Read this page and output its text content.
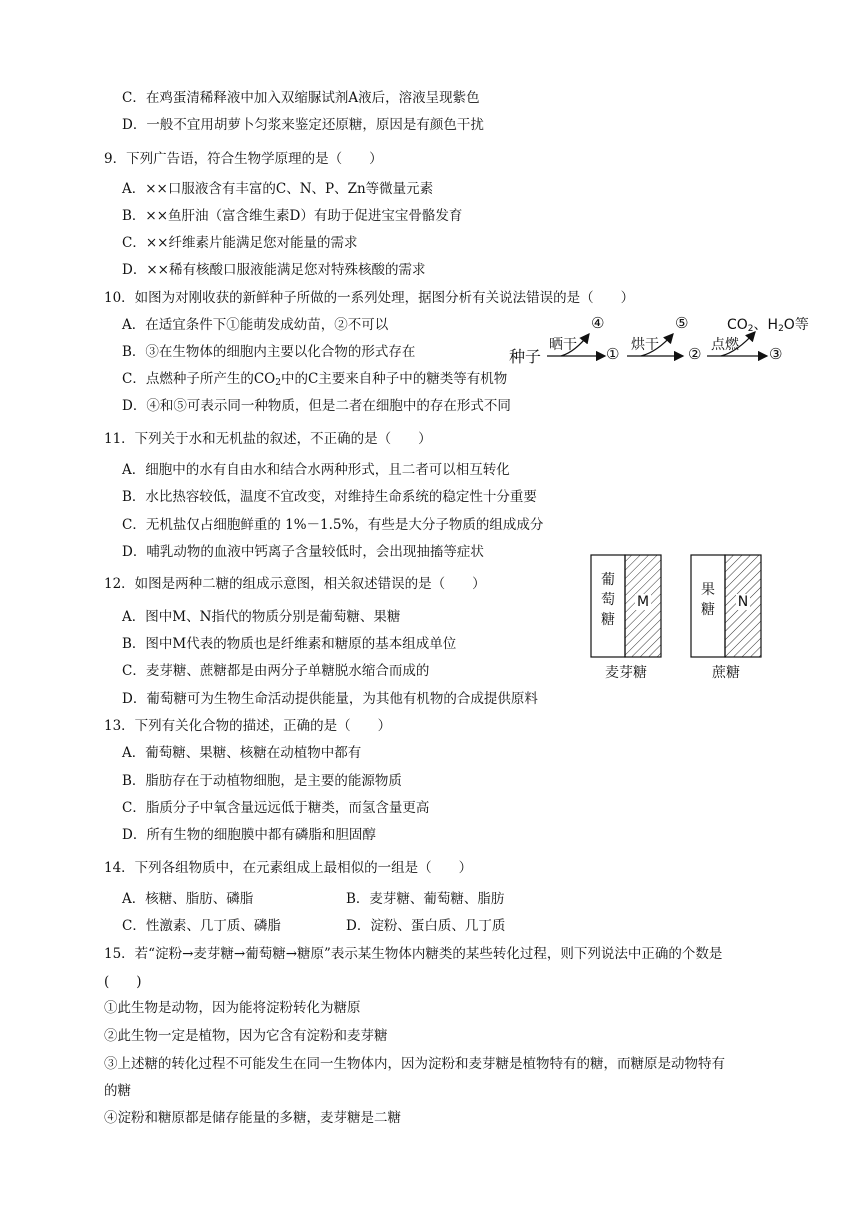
C．在鸡蛋清稀释液中加入双缩脲试剂A液后，溶液呈现紫色
D．一般不宜用胡萝卜匀浆来鉴定还原糖，原因是有颜色干扰
9．下列广告语，符合生物学原理的是（　　）
A．××口服液含有丰富的C、N、P、Zn等微量元素
B．××鱼肝油（富含维生素D）有助于促进宝宝骨骼发育
C．××纤维素片能满足您对能量的需求
D．××稀有核酸口服液能满足您对特殊核酸的需求
10．如图为对刚收获的新鲜种子所做的一系列处理，据图分析有关说法错误的是（　　）
A．在适宜条件下①能萌发成幼苗，②不可以
B．③在生物体的细胞内主要以化合物的形式存在
C．点燃种子所产生的$CO_2$中的C主要来自种子中的糖类等有机物
D．④和⑤可表示同一种物质，但是二者在细胞中的存在形式不同
种子
晒干
④
① 烘干
⑤
② 点燃
$CO_2$、$H_2O$等
③
11．下列关于水和无机盐的叙述，不正确的是（　　）
A．细胞中的水有自由水和结合水两种形式，且二者可以相互转化
B．水比热容较低，温度不宜改变，对维持生命系统的稳定性十分重要
C．无机盐仅占细胞鲜重的 1%－1.5%，有些是大分子物质的组成成分
D．哺乳动物的血液中钙离子含量较低时，会出现抽搐等症状
12．如图是两种二糖的组成示意图，相关叙述错误的是（　　）
A．图中M、N指代的物质分别是葡萄糖、果糖
B．图中M代表的物质也是纤维素和糖原的基本组成单位
C．麦芽糖、蔗糖都是由两分子单糖脱水缩合而成的
D．葡萄糖可为生物生命活动提供能量，为其他有机物的合成提供原料
葡
萄
糖
M
果
糖	N
麦芽糖	蔗糖
13．下列有关化合物的描述，正确的是（　　）
A．葡萄糖、果糖、核糖在动植物中都有
B．脂肪存在于动植物细胞，是主要的能源物质
C．脂质分子中氧含量远远低于糖类，而氢含量更高
D．所有生物的细胞膜中都有磷脂和胆固醇
14．下列各组物质中，在元素组成上最相似的一组是（　　）
A．核糖、脂肪、磷脂	B．麦芽糖、葡萄糖、脂肪
C．性激素、几丁质、磷脂	D．淀粉、蛋白质、几丁质
15．若“淀粉→麦芽糖→葡萄糖→糖原”表示某生物体内糖类的某些转化过程，则下列说法中正确的个数是
(　　)
①此生物是动物，因为能将淀粉转化为糖原
②此生物一定是植物，因为它含有淀粉和麦芽糖
③上述糖的转化过程不可能发生在同一生物体内，因为淀粉和麦芽糖是植物特有的糖，而糖原是动物特有
的糖
④淀粉和糖原都是储存能量的多糖，麦芽糖是二糖
